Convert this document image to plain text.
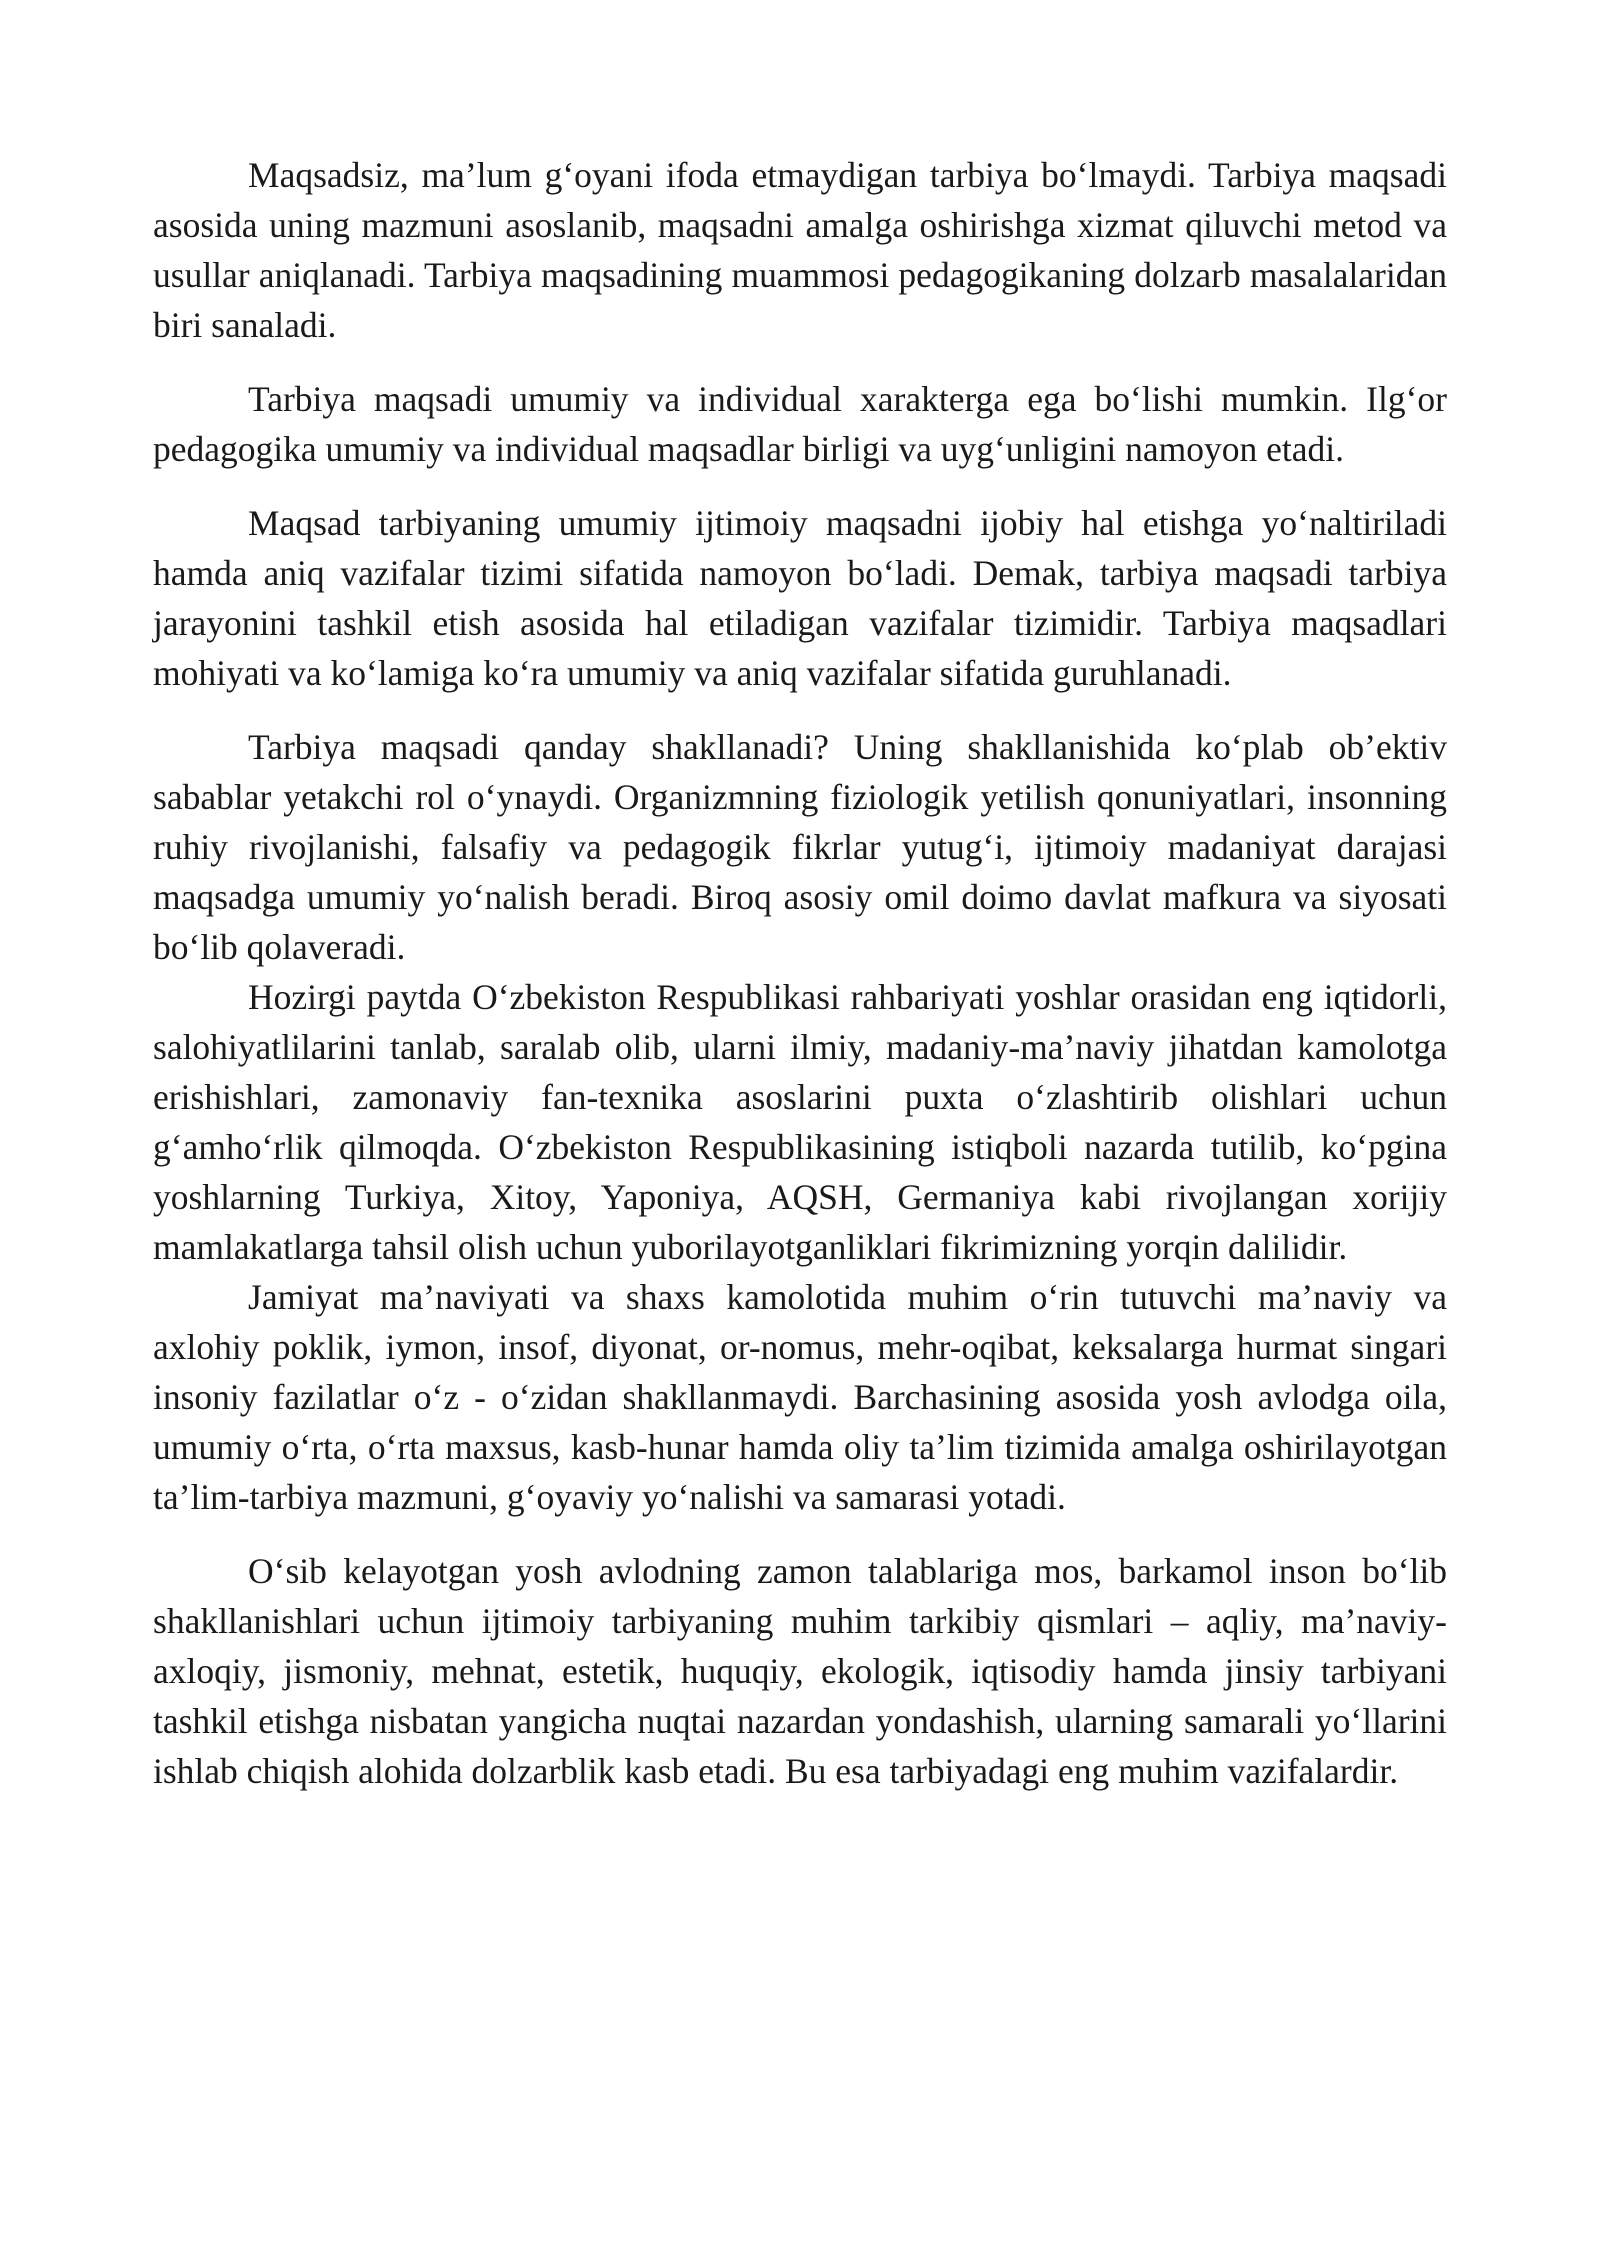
Maqsadsiz, ma’lum g‘oyani ifoda etmaydigan tarbiya bo‘lmaydi. Tarbiya maqsadi asosida uning mazmuni asoslanib, maqsadni amalga oshirishga xizmat qiluvchi metod va usullar aniqlanadi. Tarbiya maqsadining muammosi pedagogikaning dolzarb masalalaridan biri sanaladi.

Tarbiya maqsadi umumiy va individual xarakterga ega bo‘lishi mumkin. Ilg‘or pedagogika umumiy va individual maqsadlar birligi va uyg‘unligini namoyon etadi.

Maqsad tarbiyaning umumiy ijtimoiy maqsadni ijobiy hal etishga yo‘naltiriladi hamda aniq vazifalar tizimi sifatida namoyon bo‘ladi. Demak, tarbiya maqsadi tarbiya jarayonini tashkil etish asosida hal etiladigan vazifalar tizimidir. Tarbiya maqsadlari mohiyati va ko‘lamiga ko‘ra umumiy va aniq vazifalar sifatida guruhlanadi.

Tarbiya maqsadi qanday shakllanadi? Uning shakllanishida ko‘plab ob’ektiv sabablar yetakchi rol o‘ynaydi. Organizmning fiziologik yetilish qonuniyatlari, insonning ruhiy rivojlanishi, falsafiy va pedagogik fikrlar yutug‘i, ijtimoiy madaniyat darajasi maqsadga umumiy yo‘nalish beradi. Biroq asosiy omil doimo davlat mafkura va siyosati bo‘lib qolaveradi.

Hozirgi paytda O‘zbekiston Respublikasi rahbariyati yoshlar orasidan eng iqtidorli, salohiyatlilarini tanlab, saralab olib, ularni ilmiy, madaniy-ma’naviy jihatdan kamolotga erishishlari, zamonaviy fan-texnika asoslarini puxta o‘zlashtirib olishlari uchun g‘amho‘rlik qilmoqda. O‘zbekiston Respublikasining istiqboli nazarda tutilib, ko‘pgina yoshlarning Turkiya, Xitoy, Yaponiya, AQSH, Germaniya kabi rivojlangan xorijiy mamlakatlarga tahsil olish uchun yuborilayotganliklari fikrimizning yorqin dalilidir.

Jamiyat ma’naviyati va shaxs kamolotida muhim o‘rin tutuvchi ma’naviy va axlohiy poklik, iymon, insof, diyonat, or-nomus, mehr-oqibat, keksalarga hurmat singari insoniy fazilatlar o‘z - o‘zidan shakllanmaydi. Barchasining asosida yosh avlodga oila, umumiy o‘rta, o‘rta maxsus, kasb-hunar hamda oliy ta’lim tizimida amalga oshirilayotgan ta’lim-tarbiya mazmuni, g‘oyaviy yo‘nalishi va samarasi yotadi.

O‘sib kelayotgan yosh avlodning zamon talablariga mos, barkamol inson bo‘lib shakllanishlari uchun ijtimoiy tarbiyaning muhim tarkibiy qismlari – aqliy, ma’naviy-axloqiy, jismoniy, mehnat, estetik, huquqiy, ekologik, iqtisodiy hamda jinsiy tarbiyani tashkil etishga nisbatan yangicha nuqtai nazardan yondashish, ularning samarali yo‘llarini ishlab chiqish alohida dolzarblik kasb etadi. Bu esa tarbiyadagi eng muhim vazifalardir.
